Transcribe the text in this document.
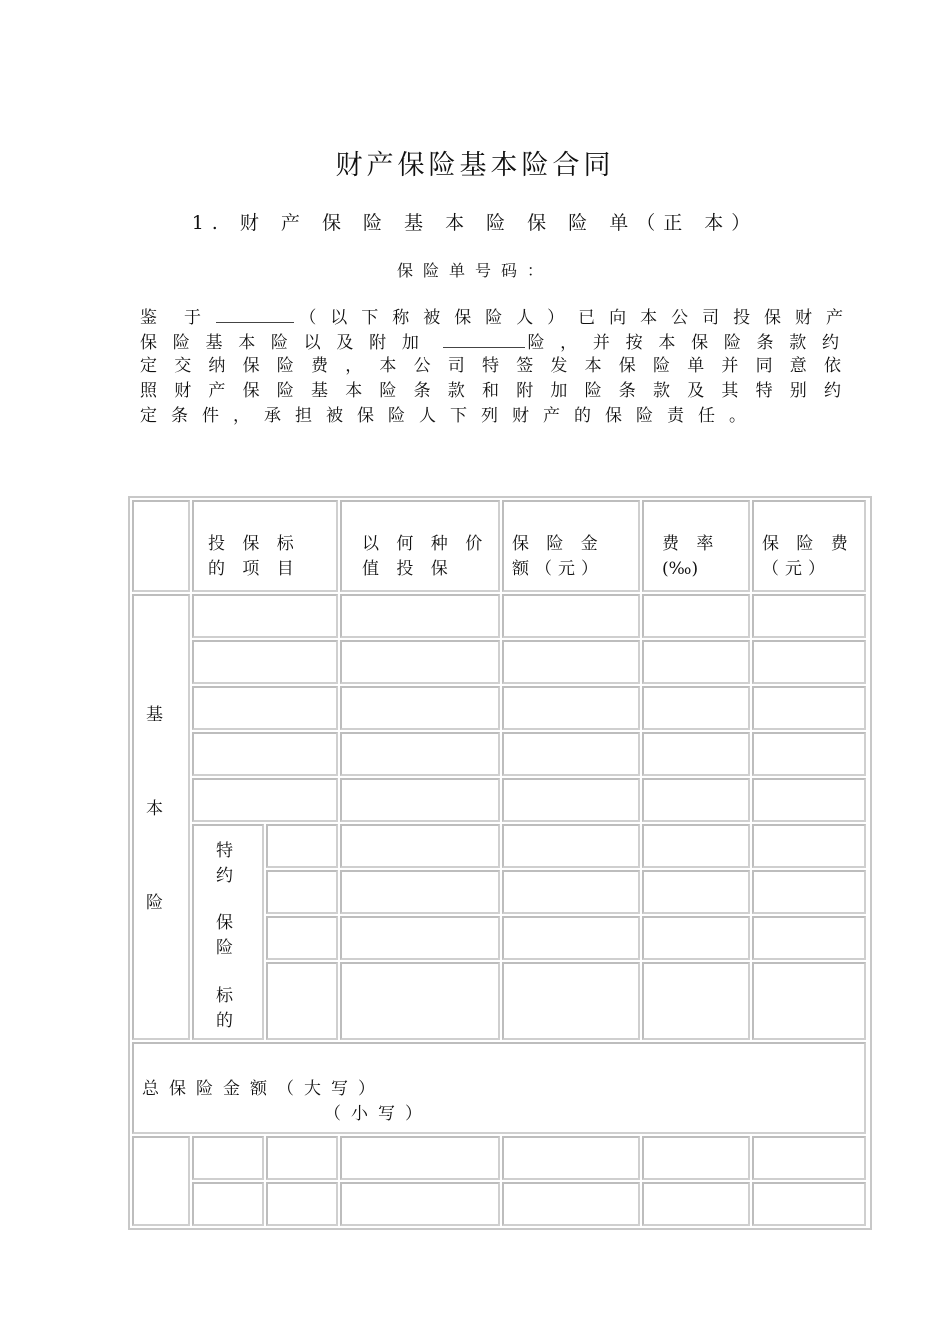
财产保险基本险合同
1. 财 产 保 险 基 本 险 保 险 单（正 本）
保险单号码：
鉴　于	（以下称被保险人）已向本公司投保财产
保险基本险以及附加	险，并按本保险条款约
定交纳保险费，本公司特签发本保险单并同意依
照财产保险基本险条款和附加险条款及其特别约
定条件，承担被保险人下列财产的保险责任。
投 保 标
的 项 目
以 何 种 价
值 投 保
保 险 金
额（元）
费 率
(‰)
保 险 费
（元）
基
本
险
特
约
保
险
标
的
总保险金额（大写）
（小写）
